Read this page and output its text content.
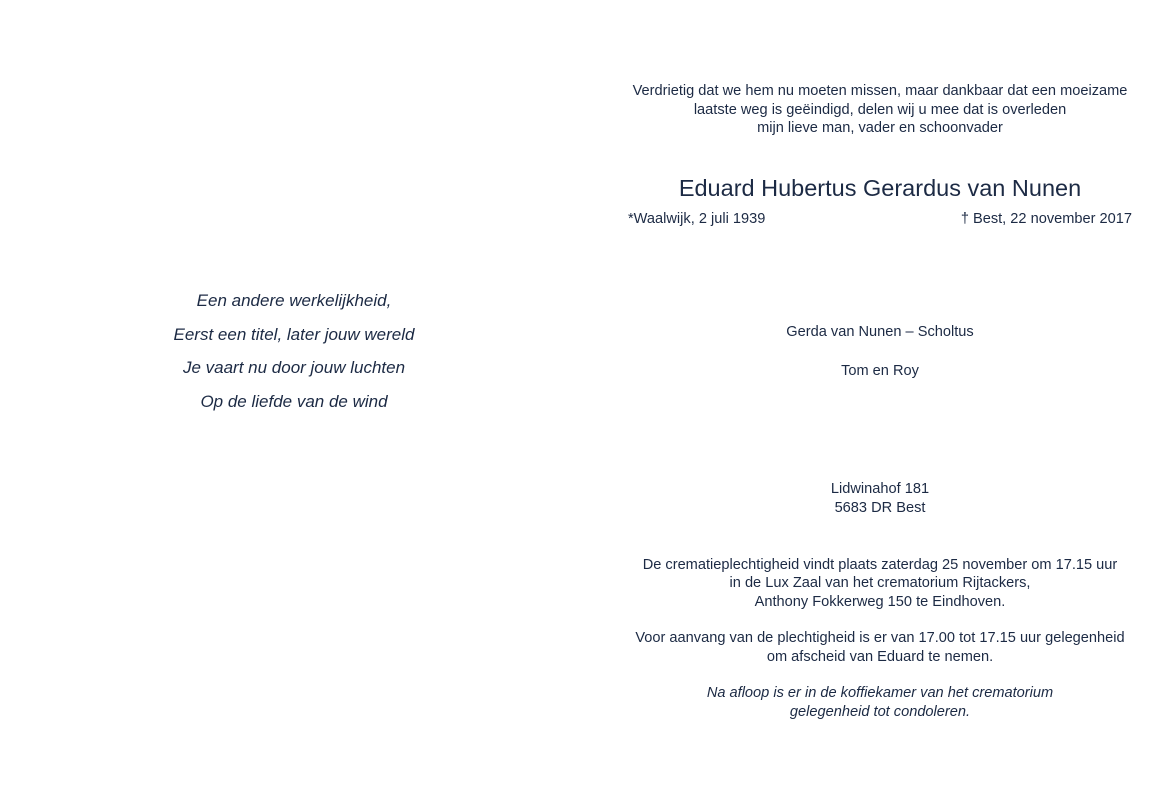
Een andere werkelijkheid,
Eerst een titel, later jouw wereld
Je vaart nu door jouw luchten
Op de liefde van de wind
Verdrietig dat we hem nu moeten missen, maar dankbaar dat een moeizame
laatste weg is geëindigd, delen wij u mee dat is overleden
mijn lieve man, vader en schoonvader
Eduard Hubertus Gerardus van Nunen
*Waalwijk, 2 juli 1939	† Best, 22 november 2017
Gerda van Nunen – Scholtus
Tom en Roy
Lidwinahof 181
5683 DR Best
De crematieplechtigheid vindt plaats zaterdag 25 november om 17.15 uur
in de Lux Zaal van het crematorium Rijtackers,
Anthony Fokkerweg 150 te Eindhoven.
Voor aanvang van de plechtigheid is er van 17.00 tot 17.15 uur gelegenheid
om afscheid van Eduard te nemen.
Na afloop is er in de koffiekamer van het crematorium
gelegenheid tot condoleren.
